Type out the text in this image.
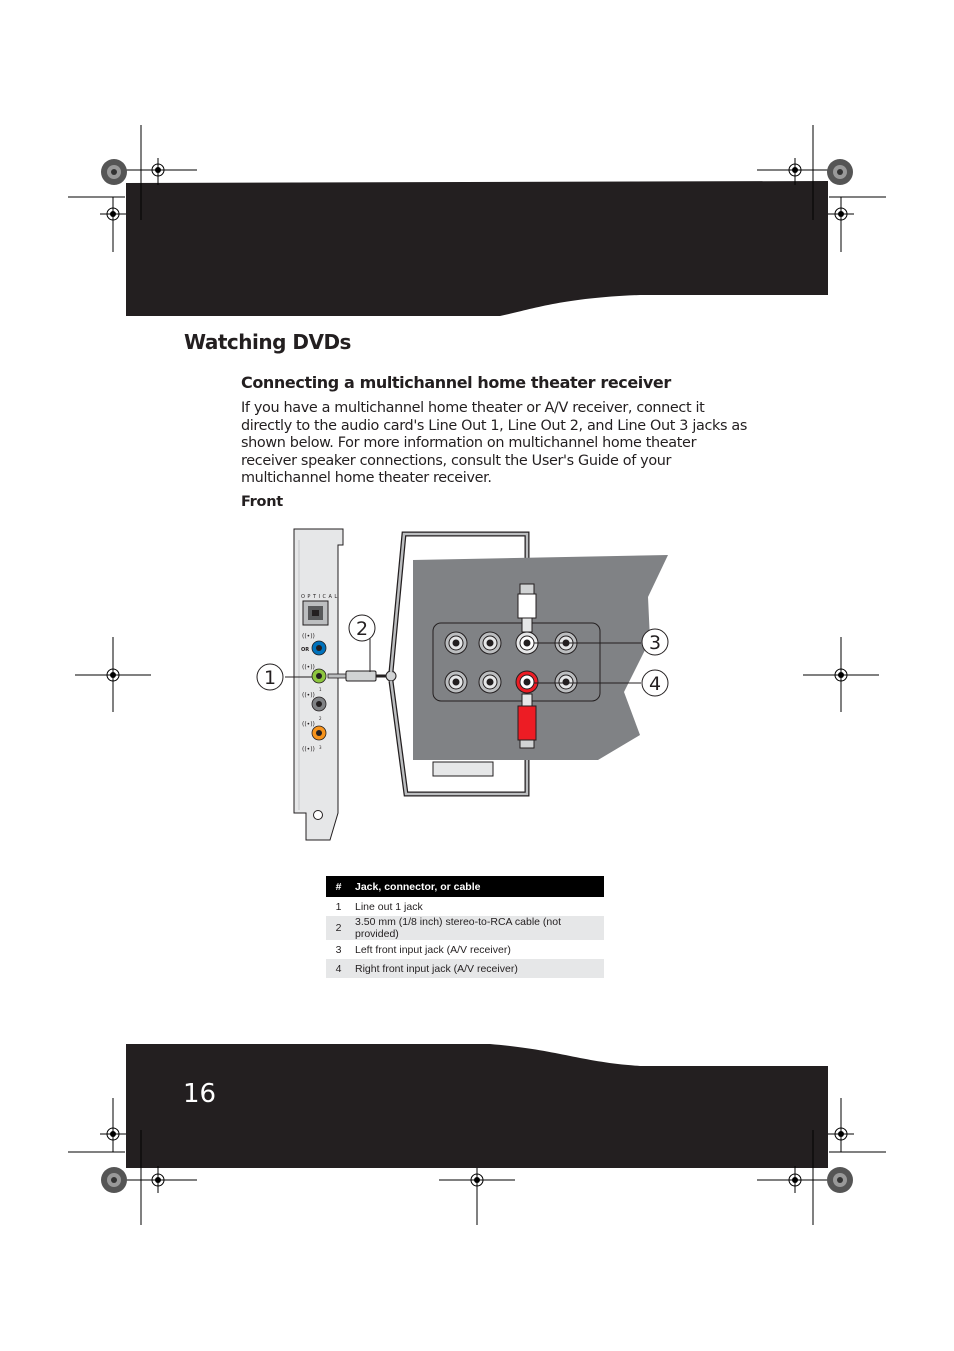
Watching DVDs
Connecting a multichannel home theater receiver

If you have a multichannel home theater or A/V receiver, connect it directly to the audio card's Line Out 1, Line Out 2, and Line Out 3 jacks as shown below. For more information on multichannel home theater receiver speaker connections, consult the User's Guide of your multichannel home theater receiver.

Front
OPTICAL
OR
((•))
((•))
((•))
((•))
((•))
1
2
3
1
2
3
4
#	Jack, connector, or cable
1	Line out 1 jack
2	3.50 mm (1/8 inch) stereo-to-RCA cable (not provided)
3	Left front input jack (A/V receiver)
4	Right front input jack (A/V receiver)
16
